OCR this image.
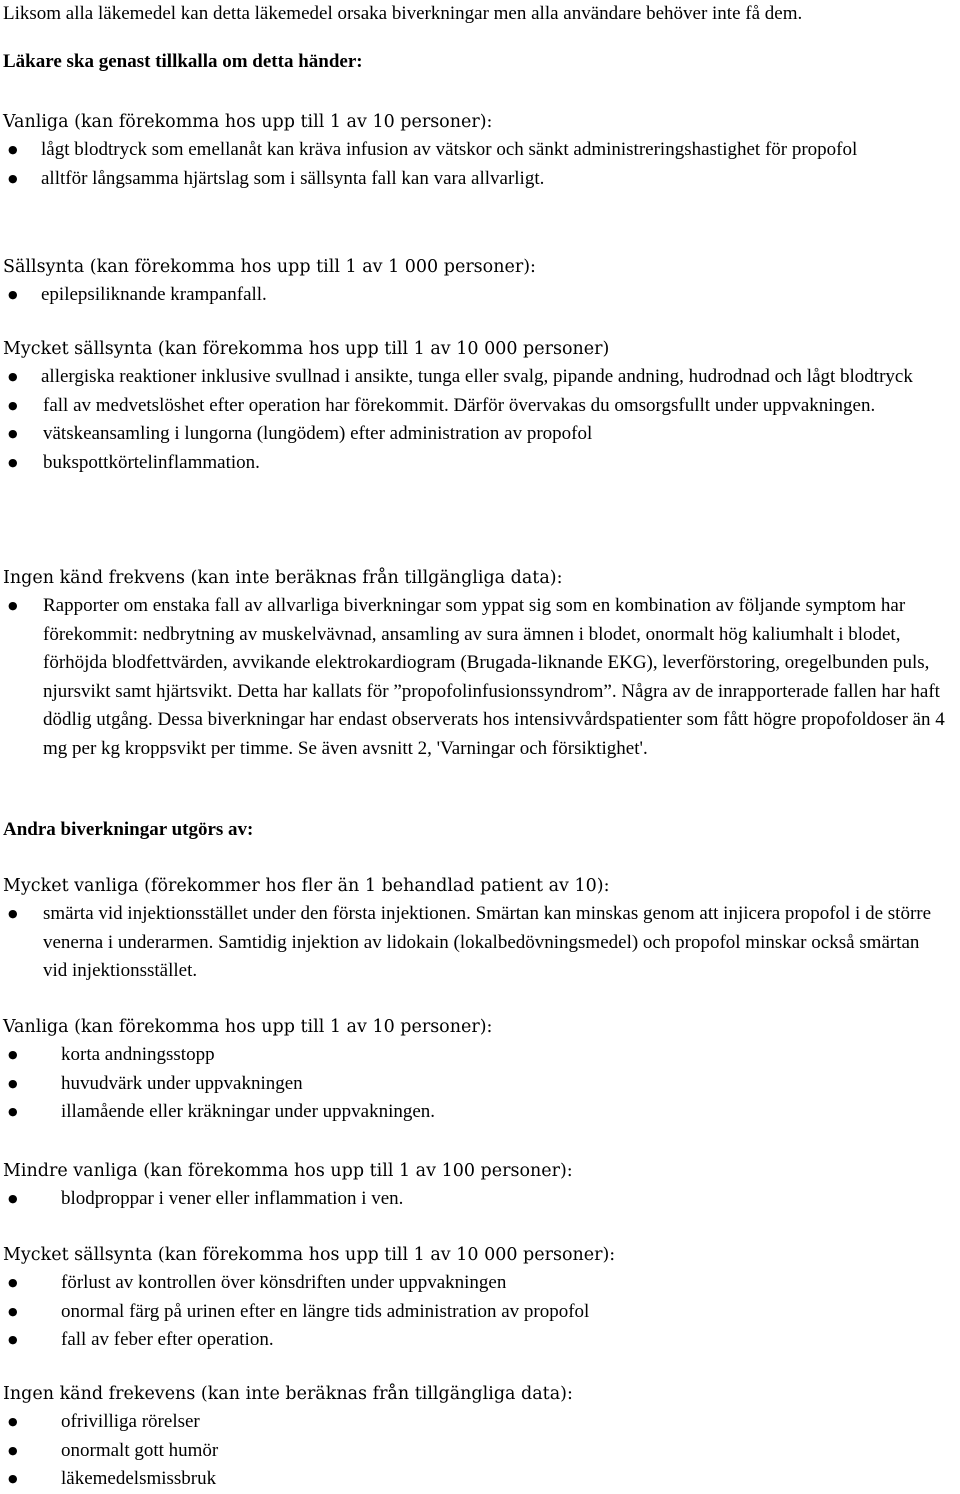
Liksom alla läkemedel kan detta läkemedel orsaka biverkningar men alla användare behöver inte få dem.

Läkare ska genast tillkalla om detta händer:

Vanliga (kan förekomma hos upp till 1 av 10 personer):

● lågt blodtryck som emellanåt kan kräva infusion av vätskor och sänkt administreringshastighet för propofol
● alltför långsamma hjärtslag som i sällsynta fall kan vara allvarligt.

Sällsynta (kan förekomma hos upp till 1 av 1 000 personer):

● epilepsiliknande krampanfall.

Mycket sällsynta (kan förekomma hos upp till 1 av 10 000 personer)

● allergiska reaktioner inklusive svullnad i ansikte, tunga eller svalg, pipande andning, hudrodnad och lågt blodtryck
● fall av medvetslöshet efter operation har förekommit. Därför övervakas du omsorgsfullt under uppvakningen.
● vätskeansamling i lungorna (lungödem) efter administration av propofol
● bukspottkörtelinflammation.

Ingen känd frekvens (kan inte beräknas från tillgängliga data):

● Rapporter om enstaka fall av allvarliga biverkningar som yppat sig som en kombination av följande symptom har förekommit: nedbrytning av muskelvävnad, ansamling av sura ämnen i blodet, onormalt hög kaliumhalt i blodet, förhöjda blodfettvärden, avvikande elektrokardiogram (Brugada-liknande EKG), leverförstoring, oregelbunden puls, njursvikt samt hjärtsvikt. Detta har kallats för ”propofolinfusionssyndrom”. Några av de inrapporterade fallen har haft dödlig utgång. Dessa biverkningar har endast observerats hos intensivvårdspatienter som fått högre propofoldoser än 4 mg per kg kroppsvikt per timme. Se även avsnitt 2, 'Varningar och försiktighet'.

Andra biverkningar utgörs av:

Mycket vanliga (förekommer hos fler än 1 behandlad patient av 10):

● smärta vid injektionsstället under den första injektionen. Smärtan kan minskas genom att injicera propofol i de större venerna i underarmen. Samtidig injektion av lidokain (lokalbedövningsmedel) och propofol minskar också smärtan vid injektionsstället.

Vanliga (kan förekomma hos upp till 1 av 10 personer):

● korta andningsstopp
● huvudvärk under uppvakningen
● illamående eller kräkningar under uppvakningen.

Mindre vanliga (kan förekomma hos upp till 1 av 100 personer):

● blodproppar i vener eller inflammation i ven.

Mycket sällsynta (kan förekomma hos upp till 1 av 10 000 personer):

● förlust av kontrollen över könsdriften under uppvakningen
● onormal färg på urinen efter en längre tids administration av propofol
● fall av feber efter operation.

Ingen känd frekevens (kan inte beräknas från tillgängliga data):

● ofrivilliga rörelser
● onormalt gott humör
● läkemedelsmissbruk
